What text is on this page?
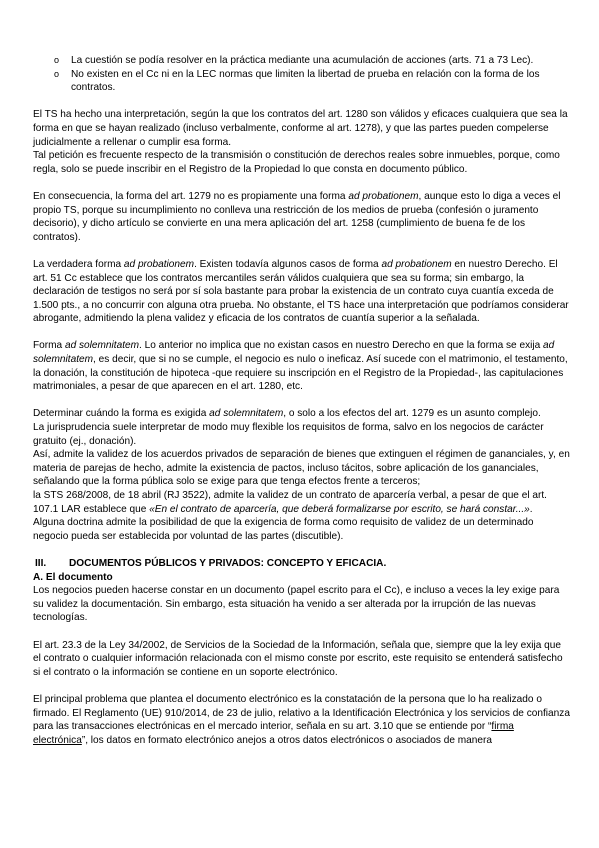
o La cuestión se podía resolver en la práctica mediante una acumulación de acciones (arts. 71 a 73 Lec).
o No existen en el Cc ni en la LEC normas que limiten la libertad de prueba en relación con la forma de los contratos.

El TS ha hecho una interpretación, según la que los contratos del art. 1280 son válidos y eficaces cualquiera que sea la forma en que se hayan realizado (incluso verbalmente, conforme al art. 1278), y que las partes pueden compelerse judicialmente a rellenar o cumplir esa forma.

Tal petición es frecuente respecto de la transmisión o constitución de derechos reales sobre inmuebles, porque, como regla, solo se puede inscribir en el Registro de la Propiedad lo que consta en documento público.

En consecuencia, la forma del art. 1279 no es propiamente una forma ad probationem, aunque esto lo diga a veces el propio TS, porque su incumplimiento no conlleva una restricción de los medios de prueba (confesión o juramento decisorio), y dicho artículo se convierte en una mera aplicación del art. 1258 (cumplimiento de buena fe de los contratos).

La verdadera forma ad probationem. Existen todavía algunos casos de forma ad probationem en nuestro Derecho. El art. 51 Cc establece que los contratos mercantiles serán válidos cualquiera que sea su forma; sin embargo, la declaración de testigos no será por sí sola bastante para probar la existencia de un contrato cuya cuantía exceda de 1.500 pts., a no concurrir con alguna otra prueba. No obstante, el TS hace una interpretación que podríamos considerar abrogante, admitiendo la plena validez y eficacia de los contratos de cuantía superior a la señalada.

Forma ad solemnitatem. Lo anterior no implica que no existan casos en nuestro Derecho en que la forma se exija ad solemnitatem, es decir, que si no se cumple, el negocio es nulo o ineficaz. Así sucede con el matrimonio, el testamento, la donación, la constitución de hipoteca -que requiere su inscripción en el Registro de la Propiedad-, las capitulaciones matrimoniales, a pesar de que aparecen en el art. 1280, etc.

Determinar cuándo la forma es exigida ad solemnitatem, o solo a los efectos del art. 1279 es un asunto complejo.

La jurisprudencia suele interpretar de modo muy flexible los requisitos de forma, salvo en los negocios de carácter gratuito (ej., donación).

Así, admite la validez de los acuerdos privados de separación de bienes que extinguen el régimen de gananciales, y, en materia de parejas de hecho, admite la existencia de pactos, incluso tácitos, sobre aplicación de los gananciales, señalando que la forma pública solo se exige para que tenga efectos frente a terceros;

la STS 268/2008, de 18 abril (RJ 3522), admite la validez de un contrato de aparcería verbal, a pesar de que el art. 107.1 LAR establece que «En el contrato de aparcería, que deberá formalizarse por escrito, se hará constar...».

Alguna doctrina admite la posibilidad de que la exigencia de forma como requisito de validez de un determinado negocio pueda ser establecida por voluntad de las partes (discutible).

III.	DOCUMENTOS PÚBLICOS Y PRIVADOS: CONCEPTO Y EFICACIA.

A. El documento

Los negocios pueden hacerse constar en un documento (papel escrito para el Cc), e incluso a veces la ley exige para su validez la documentación. Sin embargo, esta situación ha venido a ser alterada por la irrupción de las nuevas tecnologías.

El art. 23.3 de la Ley 34/2002, de Servicios de la Sociedad de la Información, señala que, siempre que la ley exija que el contrato o cualquier información relacionada con el mismo conste por escrito, este requisito se entenderá satisfecho si el contrato o la información se contiene en un soporte electrónico.

El principal problema que plantea el documento electrónico es la constatación de la persona que lo ha realizado o firmado. El Reglamento (UE) 910/2014, de 23 de julio, relativo a la Identificación Electrónica y los servicios de confianza para las transacciones electrónicas en el mercado interior, señala en su art. 3.10 que se entiende por “firma electrónica”, los datos en formato electrónico anejos a otros datos electrónicos o asociados de manera
